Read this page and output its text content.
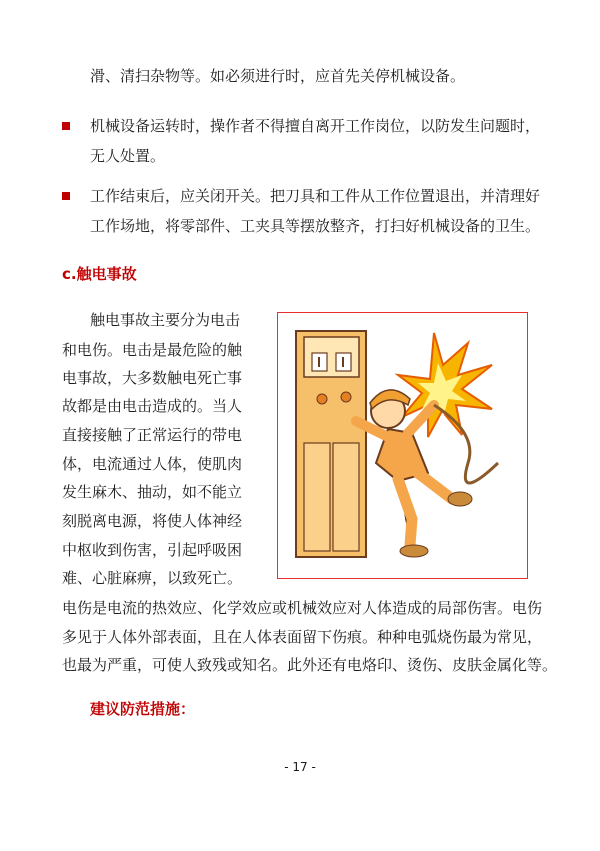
滑、清扫杂物等。如必须进行时，应首先关停机械设备。
机械设备运转时，操作者不得擅自离开工作岗位，以防发生问题时，
无人处置。
工作结束后，应关闭开关。把刀具和工件从工作位置退出，并清理好
工作场地，将零部件、工夹具等摆放整齐，打扫好机械设备的卫生。
c.触电事故
触电事故主要分为电击
和电伤。电击是最危险的触
电事故，大多数触电死亡事
故都是由电击造成的。当人
直接接触了正常运行的带电
体，电流通过人体，使肌肉
发生麻木、抽动，如不能立
刻脱离电源，将使人体神经
中枢收到伤害，引起呼吸困
难、心脏麻痹，以致死亡。
电伤是电流的热效应、化学效应或机械效应对人体造成的局部伤害。电伤
多见于人体外部表面，且在人体表面留下伤痕。种种电弧烧伤最为常见，
也最为严重，可使人致残或知名。此外还有电烙印、烫伤、皮肤金属化等。
建议防范措施：
- 17 -
